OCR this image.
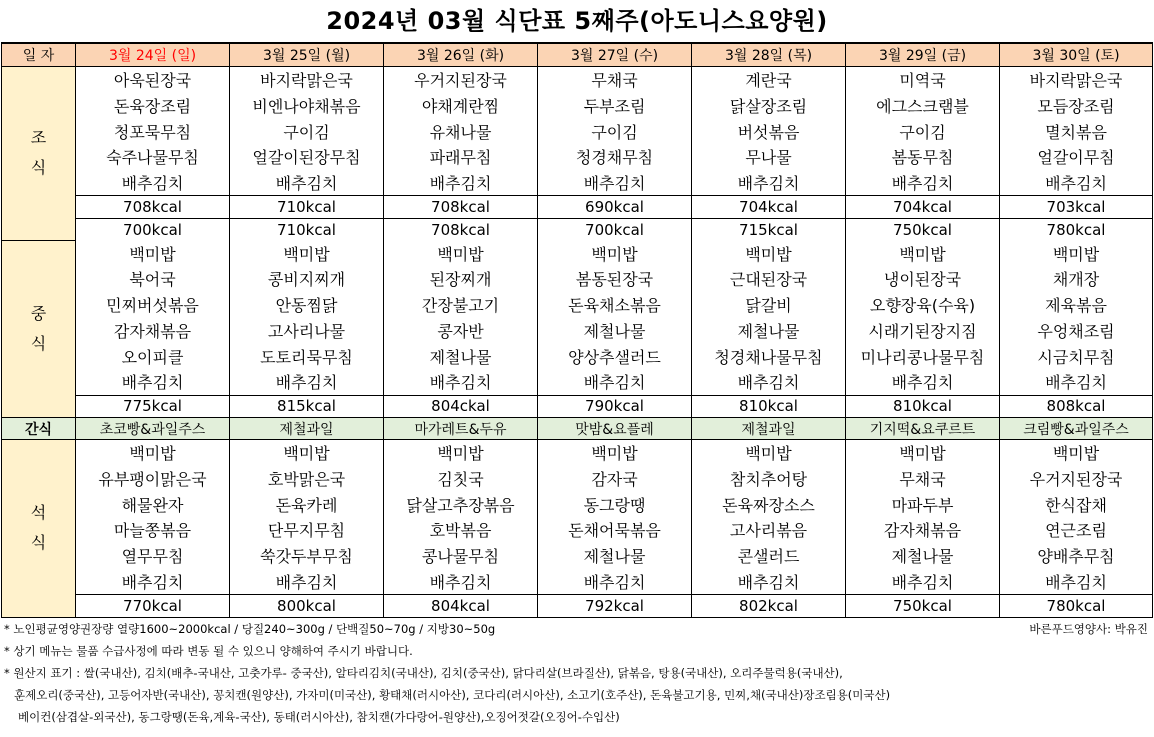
2024년 03월 식단표 5째주(아도니스요양원)
일 자	3월 24일 (일)	3월 25일 (월)	3월 26일 (화)	3월 27일 (수)	3월 28일 (목)	3월 29일 (금)	3월 30일 (토)
조
식	아욱된장국	바지락맑은국	우거지된장국	무채국	계란국	미역국	바지락맑은국
	돈육장조림	비엔나야채볶음	야채계란찜	두부조림	닭살장조림	에그스크램블	모듬장조림
	청포묵무침	구이김	유채나물	구이김	버섯볶음	구이김	멸치볶음
	숙주나물무침	얼갈이된장무침	파래무침	청경채무침	무나물	봄동무침	얼갈이무침
	배추김치	배추김치	배추김치	배추김치	배추김치	배추김치	배추김치
	708kcal	710kcal	708kcal	690kcal	704kcal	704kcal	703kcal
	700kcal	710kcal	708kcal	700kcal	715kcal	750kcal	780kcal
중
식	백미밥	백미밥	백미밥	백미밥	백미밥	백미밥	백미밥
	북어국	콩비지찌개	된장찌개	봄동된장국	근대된장국	냉이된장국	채개장
	민찌버섯볶음	안동찜닭	간장불고기	돈육채소볶음	닭갈비	오향장육(수육)	제육볶음
	감자채볶음	고사리나물	콩자반	제철나물	제철나물	시래기된장지짐	우엉채조림
	오이피클	도토리묵무침	제철나물	양상추샐러드	청경채나물무침	미나리콩나물무침	시금치무침
	배추김치	배추김치	배추김치	배추김치	배추김치	배추김치	배추김치
	775kcal	815kcal	804ckal	790kcal	810kcal	810kcal	808kcal
간식	초코빵&과일주스	제철과일	마가레트&두유	맛밤&요플레	제철과일	기지떡&요쿠르트	크림빵&과일주스
석
식	백미밥	백미밥	백미밥	백미밥	백미밥	백미밥	백미밥
	유부팽이맑은국	호박맑은국	김칫국	감자국	참치추어탕	무채국	우거지된장국
	해물완자	돈육카레	닭살고추장볶음	동그랑땡	돈육짜장소스	마파두부	한식잡채
	마늘쫑볶음	단무지무침	호박볶음	돈채어묵볶음	고사리볶음	감자채볶음	연근조림
	열무무침	쑥갓두부무침	콩나물무침	제철나물	콘샐러드	제철나물	양배추무침
	배추김치	배추김치	배추김치	배추김치	배추김치	배추김치	배추김치
	770kcal	800kcal	804kcal	792kcal	802kcal	750kcal	780kcal
* 노인평균영양권장량 열량1600~2000kcal / 당질240~300g / 단백질50~70g / 지방30~50g	바른푸드영양사: 박유진
* 상기 메뉴는 물품 수급사정에 따라 변동 될 수 있으니 양해하여 주시기 바랍니다.
* 원산지 표기 : 쌀(국내산), 김치(배추-국내산, 고춧가루- 중국산), 알타리김치(국내산), 김치(중국산), 닭다리살(브라질산), 닭볶음, 탕용(국내산), 오리주물럭용(국내산),
훈제오리(중국산), 고등어자반(국내산), 꽁치캔(원양산), 가자미(미국산), 황태채(러시아산), 코다리(러시아산), 소고기(호주산), 돈육불고기용, 민찌,채(국내산)장조림용(미국산)
베이컨(삼겹살-외국산), 동그랑땡(돈육,계육-국산), 동태(러시아산), 참치캔(가다랑어-원양산),오징어젓갈(오징어-수입산)
